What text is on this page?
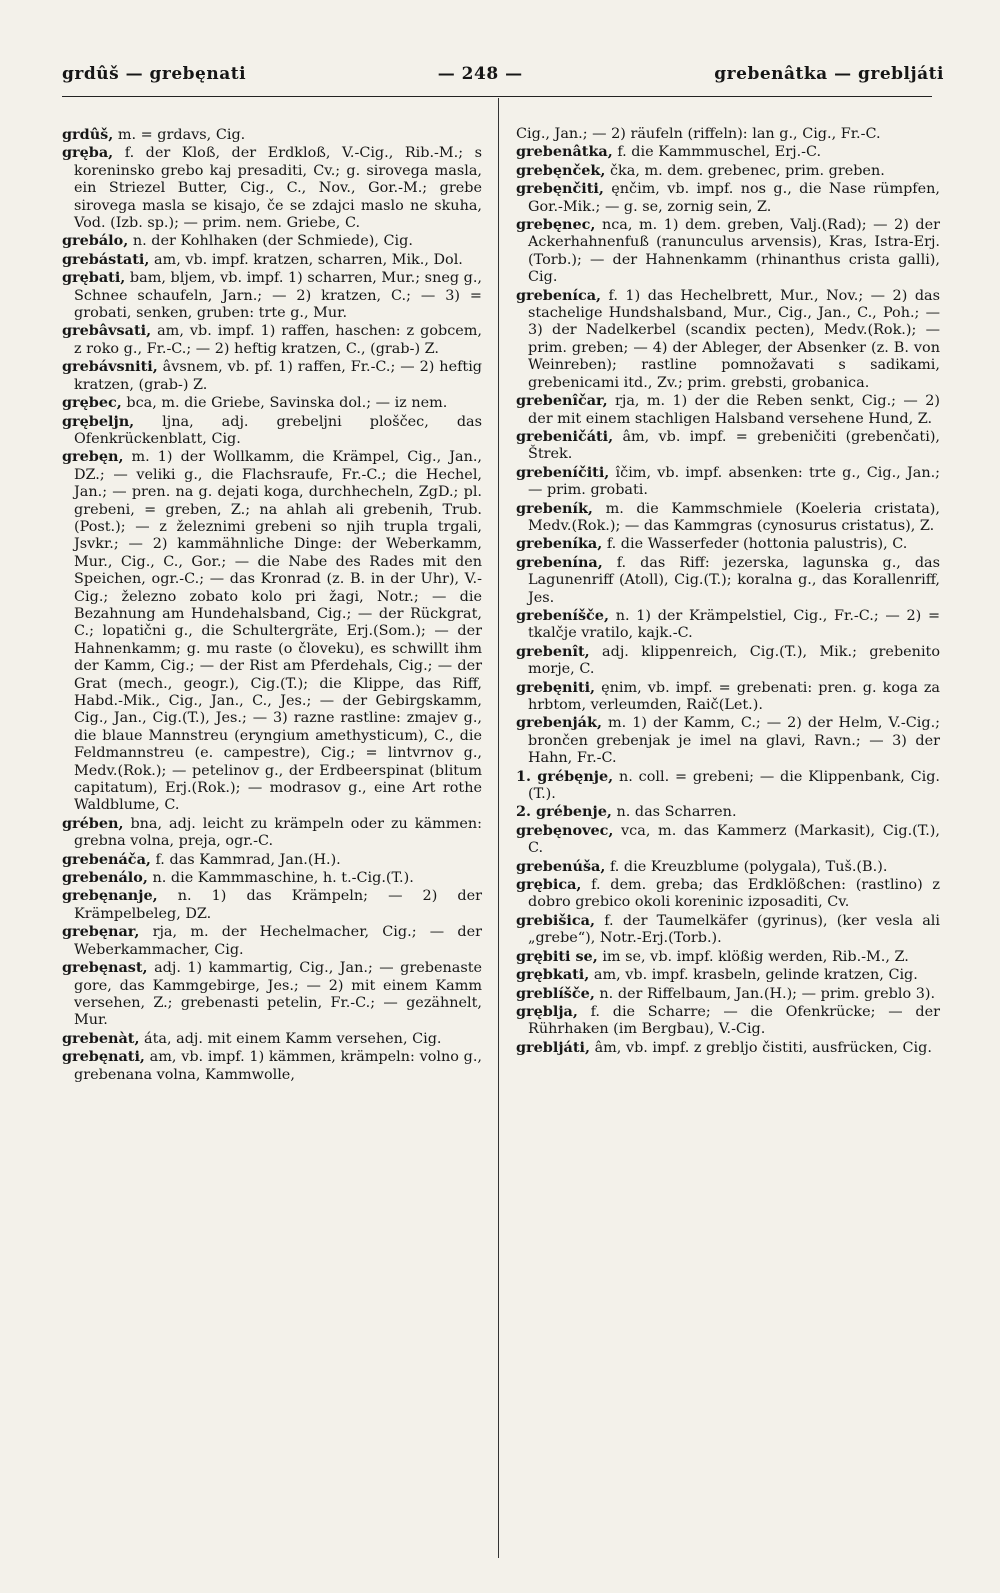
grdûš — grebęnati	— 248 —	grebenâtka — grebljáti

grdûš, m. = grdavs, Cig.

gręba, f. der Kloß, der Erdkloß, V.-Cig., Rib.-M.; s koreninsko grebo kaj presaditi, Cv.; g. sirovega masla, ein Striezel Butter, Cig., C., Nov., Gor.-M.; grebe sirovega masla se kisajo, če se zdajci maslo ne skuha, Vod. (Izb. sp.); — prim. nem. Griebe, C.

grebálo, n. der Kohlhaken (der Schmiede), Cig.

grebástati, am, vb. impf. kratzen, scharren, Mik., Dol.

grębati, bam, bljem, vb. impf. 1) scharren, Mur.; sneg g., Schnee schaufeln, Jarn.; — 2) kratzen, C.; — 3) = grobati, senken, gruben: trte g., Mur.

grebâvsati, am, vb. impf. 1) raffen, haschen: z gobcem, z roko g., Fr.-C.; — 2) heftig kratzen, C., (grab-) Z.

grebávsniti, âvsnem, vb. pf. 1) raffen, Fr.-C.; — 2) heftig kratzen, (grab-) Z.

grębec, bca, m. die Griebe, Savinska dol.; — iz nem.

grębeljn, ljna, adj. grebeljni ploščec, das Ofenkrückenblatt, Cig.

grebęn, m. 1) der Wollkamm, die Krämpel, Cig., Jan., DZ.; — veliki g., die Flachsraufe, Fr.-C.; die Hechel, Jan.; — pren. na g. dejati koga, durchhecheln, ZgD.; pl. grebeni, = greben, Z.; na ahlah ali grebenih, Trub.(Post.); — z železnimi grebeni so njih trupla trgali, Jsvkr.; — 2) kammähnliche Dinge: der Weberkamm, Mur., Cig., C., Gor.; — die Nabe des Rades mit den Speichen, ogr.-C.; — das Kronrad (z. B. in der Uhr), V.-Cig.; železno zobato kolo pri žagi, Notr.; — die Bezahnung am Hundehalsband, Cig.; — der Rückgrat, C.; lopatični g., die Schultergräte, Erj.(Som.); — der Hahnenkamm; g. mu raste (o človeku), es schwillt ihm der Kamm, Cig.; — der Rist am Pferdehals, Cig.; — der Grat (mech., geogr.), Cig.(T.); die Klippe, das Riff, Habd.-Mik., Cig., Jan., C., Jes.; — der Gebirgskamm, Cig., Jan., Cig.(T.), Jes.; — 3) razne rastline: zmajev g., die blaue Mannstreu (eryngium amethysticum), C., die Feldmannstreu (e. campestre), Cig.; = lintvrnov g., Medv.(Rok.); — petelinov g., der Erdbeerspinat (blitum capitatum), Erj.(Rok.); — modrasov g., eine Art rothe Waldblume, C.

grében, bna, adj. leicht zu krämpeln oder zu kämmen: grebna volna, preja, ogr.-C.

grebenáča, f. das Kammrad, Jan.(H.).

grebenálo, n. die Kammmaschine, h. t.-Cig.(T.).

grebęnanje, n. 1) das Krämpeln; — 2) der Krämpelbeleg, DZ.

grebęnar, rja, m. der Hechelmacher, Cig.; — der Weberkammacher, Cig.

grebęnast, adj. 1) kammartig, Cig., Jan.; — grebenaste gore, das Kammgebirge, Jes.; — 2) mit einem Kamm versehen, Z.; grebenasti petelin, Fr.-C.; — gezähnelt, Mur.

grebenàt, áta, adj. mit einem Kamm versehen, Cig.

grebęnati, am, vb. impf. 1) kämmen, krämpeln: volno g., grebenana volna, Kammwolle,

Cig., Jan.; — 2) räufeln (riffeln): lan g., Cig., Fr.-C.

grebenâtka, f. die Kammmuschel, Erj.-C.

grebęnček, čka, m. dem. grebenec, prim. greben.

grebęnčiti, ęnčim, vb. impf. nos g., die Nase rümpfen, Gor.-Mik.; — g. se, zornig sein, Z.

grebęnec, nca, m. 1) dem. greben, Valj.(Rad); — 2) der Ackerhahnenfuß (ranunculus arvensis), Kras, Istra-Erj.(Torb.); — der Hahnenkamm (rhinanthus crista galli), Cig.

grebeníca, f. 1) das Hechelbrett, Mur., Nov.; — 2) das stachelige Hundshalsband, Mur., Cig., Jan., C., Poh.; — 3) der Nadelkerbel (scandix pecten), Medv.(Rok.); — prim. greben; — 4) der Ableger, der Absenker (z. B. von Weinreben); rastline pomnožavati s sadikami, grebenicami itd., Zv.; prim. grebsti, grobanica.

grebenîčar, rja, m. 1) der die Reben senkt, Cig.; — 2) der mit einem stachligen Halsband versehene Hund, Z.

grebeničáti, âm, vb. impf. = grebeničiti (grebenčati), Štrek.

grebeníčiti, îčim, vb. impf. absenken: trte g., Cig., Jan.; — prim. grobati.

grebeník, m. die Kammschmiele (Koeleria cristata), Medv.(Rok.); — das Kammgras (cynosurus cristatus), Z.

grebeníka, f. die Wasserfeder (hottonia palustris), C.

grebenína, f. das Riff: jezerska, lagunska g., das Lagunenriff (Atoll), Cig.(T.); koralna g., das Korallenriff, Jes.

grebeníšče, n. 1) der Krämpelstiel, Cig., Fr.-C.; — 2) = tkalčje vratilo, kajk.-C.

grebenît, adj. klippenreich, Cig.(T.), Mik.; grebenito morje, C.

grebęniti, ęnim, vb. impf. = grebenati: pren. g. koga za hrbtom, verleumden, Raič(Let.).

grebenják, m. 1) der Kamm, C.; — 2) der Helm, V.-Cig.; brončen grebenjak je imel na glavi, Ravn.; — 3) der Hahn, Fr.-C.

1. grébęnje, n. coll. = grebeni; — die Klippenbank, Cig.(T.).

2. grébenje, n. das Scharren.

grebęnovec, vca, m. das Kammerz (Markasit), Cig.(T.), C.

grebenúša, f. die Kreuzblume (polygala), Tuš.(B.).

grębica, f. dem. greba; das Erdklößchen: (rastlino) z dobro grebico okoli koreninic izposaditi, Cv.

grebišica, f. der Taumelkäfer (gyrinus), (ker vesla ali „grebe“), Notr.-Erj.(Torb.).

grębiti se, im se, vb. impf. klößig werden, Rib.-M., Z.

grębkati, am, vb. impf. krasbeln, gelinde kratzen, Cig.

greblíšče, n. der Riffelbaum, Jan.(H.); — prim. greblo 3).

gręblja, f. die Scharre; — die Ofenkrücke; — der Rührhaken (im Bergbau), V.-Cig.

grebljáti, âm, vb. impf. z grebljo čistiti, ausfrücken, Cig.
